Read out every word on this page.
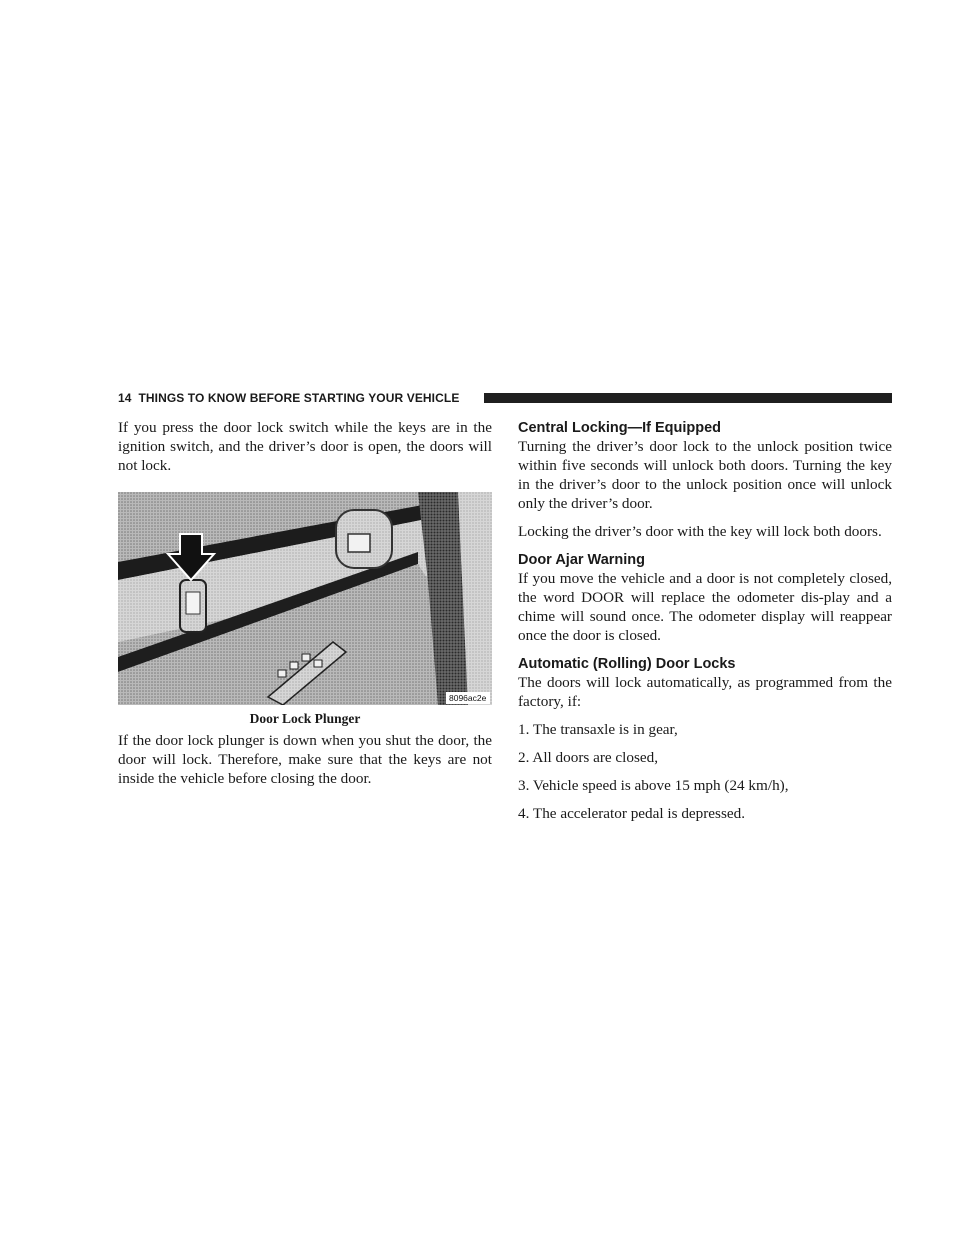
14 THINGS TO KNOW BEFORE STARTING YOUR VEHICLE

If you press the door lock switch while the keys are in the ignition switch, and the driver’s door is open, the doors will not lock.

8096ac2e
Door Lock Plunger

If the door lock plunger is down when you shut the door, the door will lock. Therefore, make sure that the keys are not inside the vehicle before closing the door.

Central Locking—If Equipped

Turning the driver’s door lock to the unlock position twice within five seconds will unlock both doors. Turning the key in the driver’s door to the unlock position once will unlock only the driver’s door.

Locking the driver’s door with the key will lock both doors.

Door Ajar Warning

If you move the vehicle and a door is not completely closed, the word DOOR will replace the odometer dis-play and a chime will sound once. The odometer display will reappear once the door is closed.

Automatic (Rolling) Door Locks

The doors will lock automatically, as programmed from the factory, if:

1. The transaxle is in gear,
2. All doors are closed,
3. Vehicle speed is above 15 mph (24 km/h),
4. The accelerator pedal is depressed.
